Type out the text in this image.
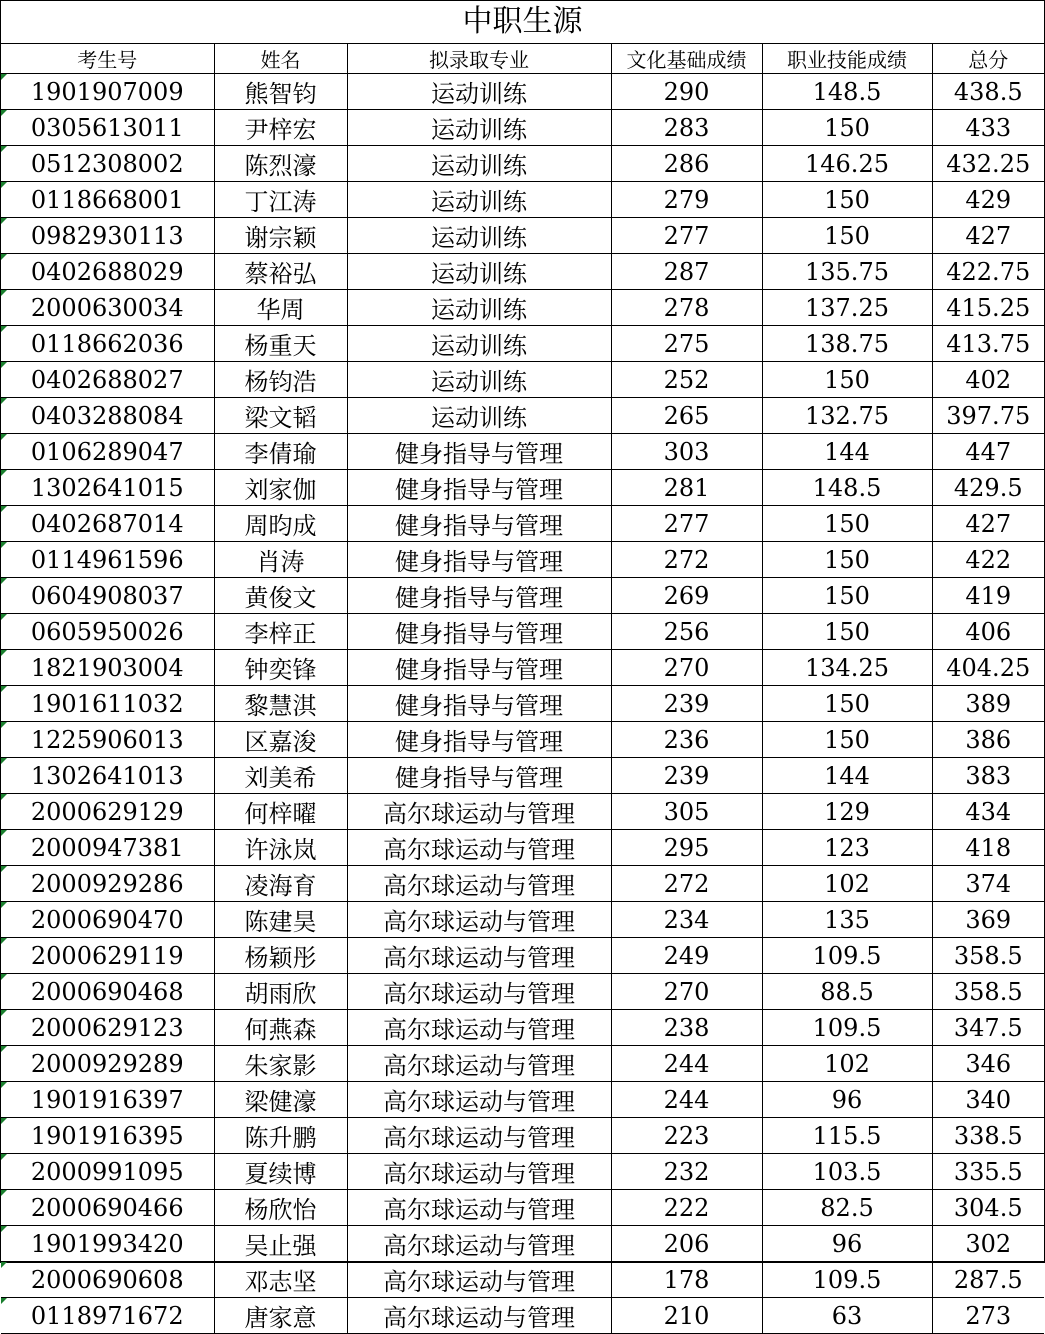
中职生源
考生号	姓名	拟录取专业	文化基础成绩	职业技能成绩	总分
1901907009	熊智钧	运动训练	290	148.5	438.5
0305613011	尹梓宏	运动训练	283	150	433
0512308002	陈烈濠	运动训练	286	146.25	432.25
0118668001	丁江涛	运动训练	279	150	429
0982930113	谢宗颖	运动训练	277	150	427
0402688029	蔡裕弘	运动训练	287	135.75	422.75
2000630034	华周	运动训练	278	137.25	415.25
0118662036	杨重天	运动训练	275	138.75	413.75
0402688027	杨钧浩	运动训练	252	150	402
0403288084	梁文韬	运动训练	265	132.75	397.75
0106289047	李倩瑜	健身指导与管理	303	144	447
1302641015	刘家伽	健身指导与管理	281	148.5	429.5
0402687014	周昀成	健身指导与管理	277	150	427
0114961596	肖涛	健身指导与管理	272	150	422
0604908037	黄俊文	健身指导与管理	269	150	419
0605950026	李梓正	健身指导与管理	256	150	406
1821903004	钟奕锋	健身指导与管理	270	134.25	404.25
1901611032	黎慧淇	健身指导与管理	239	150	389
1225906013	区嘉浚	健身指导与管理	236	150	386
1302641013	刘美希	健身指导与管理	239	144	383
2000629129	何梓曜	高尔球运动与管理	305	129	434
2000947381	许泳岚	高尔球运动与管理	295	123	418
2000929286	凌海育	高尔球运动与管理	272	102	374
2000690470	陈建昊	高尔球运动与管理	234	135	369
2000629119	杨颖彤	高尔球运动与管理	249	109.5	358.5
2000690468	胡雨欣	高尔球运动与管理	270	88.5	358.5
2000629123	何燕森	高尔球运动与管理	238	109.5	347.5
2000929289	朱家影	高尔球运动与管理	244	102	346
1901916397	梁健濠	高尔球运动与管理	244	96	340
1901916395	陈升鹏	高尔球运动与管理	223	115.5	338.5
2000991095	夏续博	高尔球运动与管理	232	103.5	335.5
2000690466	杨欣怡	高尔球运动与管理	222	82.5	304.5
1901993420	吴止强	高尔球运动与管理	206	96	302
2000690608	邓志坚	高尔球运动与管理	178	109.5	287.5
0118971672	唐家意	高尔球运动与管理	210	63	273
